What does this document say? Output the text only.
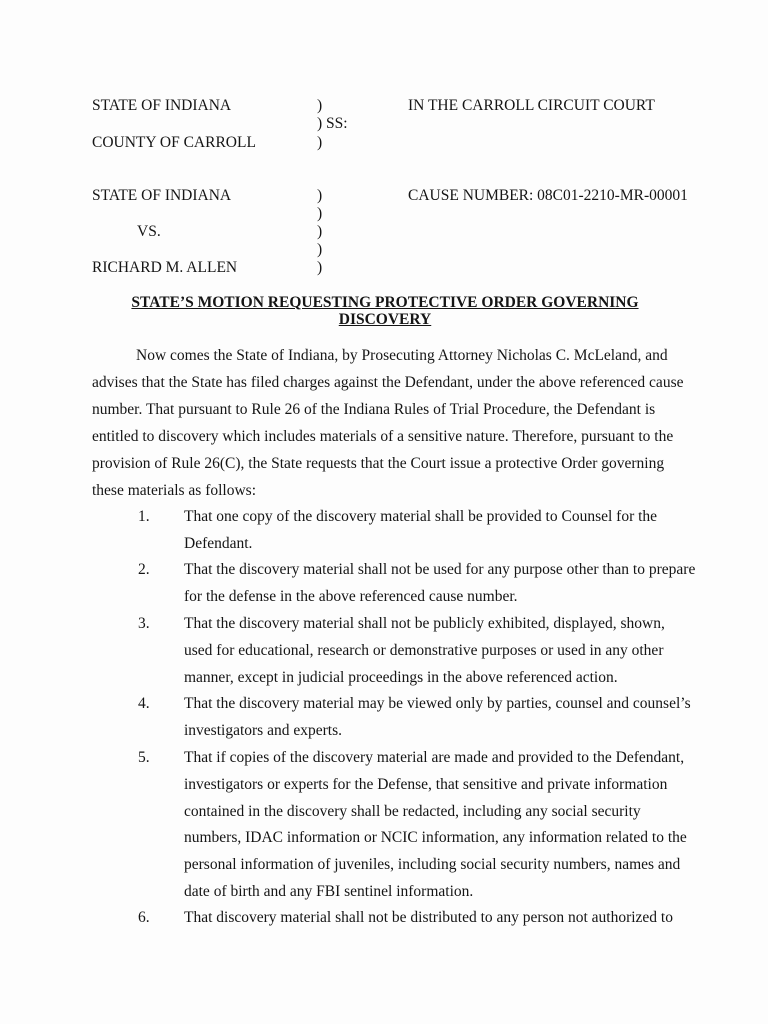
STATE OF INDIANA
COUNTY OF CARROLL
)
) SS:
)
IN THE CARROLL CIRCUIT COURT
STATE OF INDIANA
VS.
RICHARD M. ALLEN
)
)
)
)
)
CAUSE NUMBER: 08C01-2210-MR-00001
STATE’S MOTION REQUESTING PROTECTIVE ORDER GOVERNING
DISCOVERY
Now comes the State of Indiana, by Prosecuting Attorney Nicholas C. McLeland, and
advises that the State has filed charges against the Defendant, under the above referenced cause
number. That pursuant to Rule 26 of the Indiana Rules of Trial Procedure, the Defendant is
entitled to discovery which includes materials of a sensitive nature. Therefore, pursuant to the
provision of Rule 26(C), the State requests that the Court issue a protective Order governing
these materials as follows:
1. That one copy of the discovery material shall be provided to Counsel for the
Defendant.
2. That the discovery material shall not be used for any purpose other than to prepare
for the defense in the above referenced cause number.
3. That the discovery material shall not be publicly exhibited, displayed, shown,
used for educational, research or demonstrative purposes or used in any other
manner, except in judicial proceedings in the above referenced action.
4. That the discovery material may be viewed only by parties, counsel and counsel’s
investigators and experts.
5. That if copies of the discovery material are made and provided to the Defendant,
investigators or experts for the Defense, that sensitive and private information
contained in the discovery shall be redacted, including any social security
numbers, IDAC information or NCIC information, any information related to the
personal information of juveniles, including social security numbers, names and
date of birth and any FBI sentinel information.
6. That discovery material shall not be distributed to any person not authorized to
